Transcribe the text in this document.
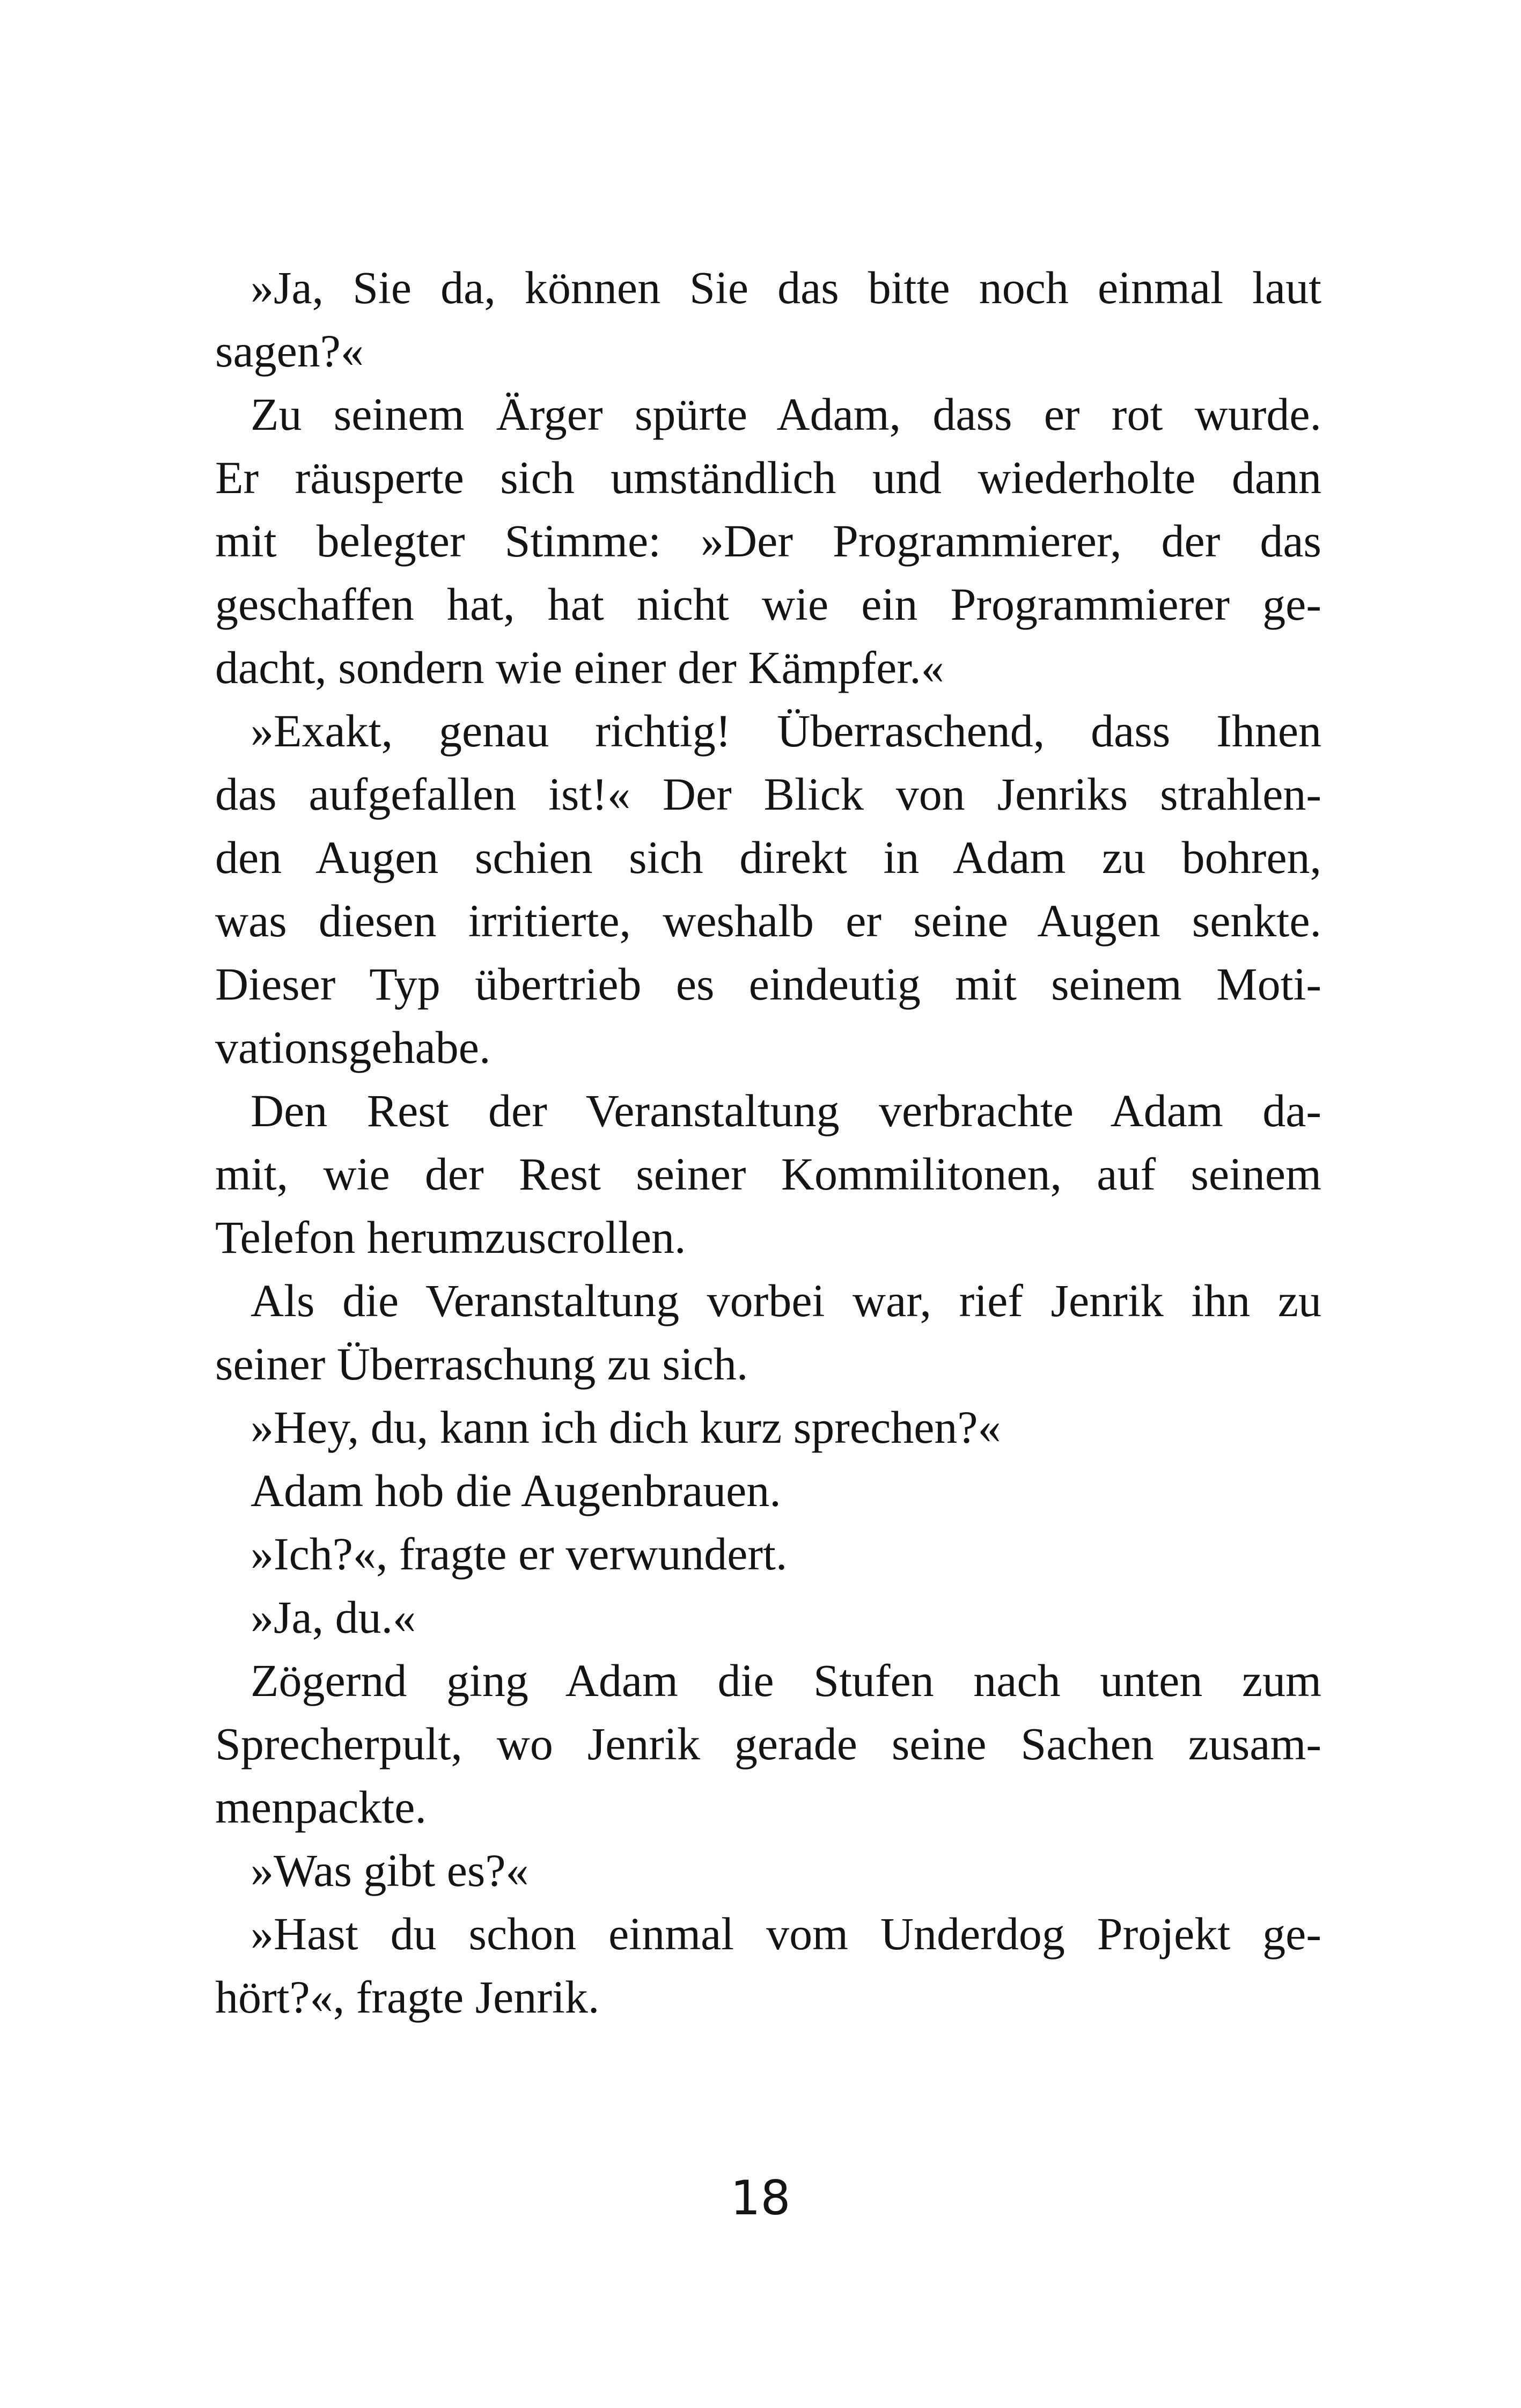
»Ja, Sie da, können Sie das bitte noch einmal laut
sagen?«
Zu seinem Ärger spürte Adam, dass er rot wurde.
Er räusperte sich umständlich und wiederholte dann
mit belegter Stimme: »Der Programmierer, der das
geschaffen hat, hat nicht wie ein Programmierer ge-
dacht, sondern wie einer der Kämpfer.«
»Exakt, genau richtig! Überraschend, dass Ihnen
das aufgefallen ist!« Der Blick von Jenriks strahlen-
den Augen schien sich direkt in Adam zu bohren,
was diesen irritierte, weshalb er seine Augen senkte.
Dieser Typ übertrieb es eindeutig mit seinem Moti-
vationsgehabe.
Den Rest der Veranstaltung verbrachte Adam da-
mit, wie der Rest seiner Kommilitonen, auf seinem
Telefon herumzuscrollen.
Als die Veranstaltung vorbei war, rief Jenrik ihn zu
seiner Überraschung zu sich.
»Hey, du, kann ich dich kurz sprechen?«
Adam hob die Augenbrauen.
»Ich?«, fragte er verwundert.
»Ja, du.«
Zögernd ging Adam die Stufen nach unten zum
Sprecherpult, wo Jenrik gerade seine Sachen zusam-
menpackte.
»Was gibt es?«
»Hast du schon einmal vom Underdog Projekt ge-
hört?«, fragte Jenrik.
18
